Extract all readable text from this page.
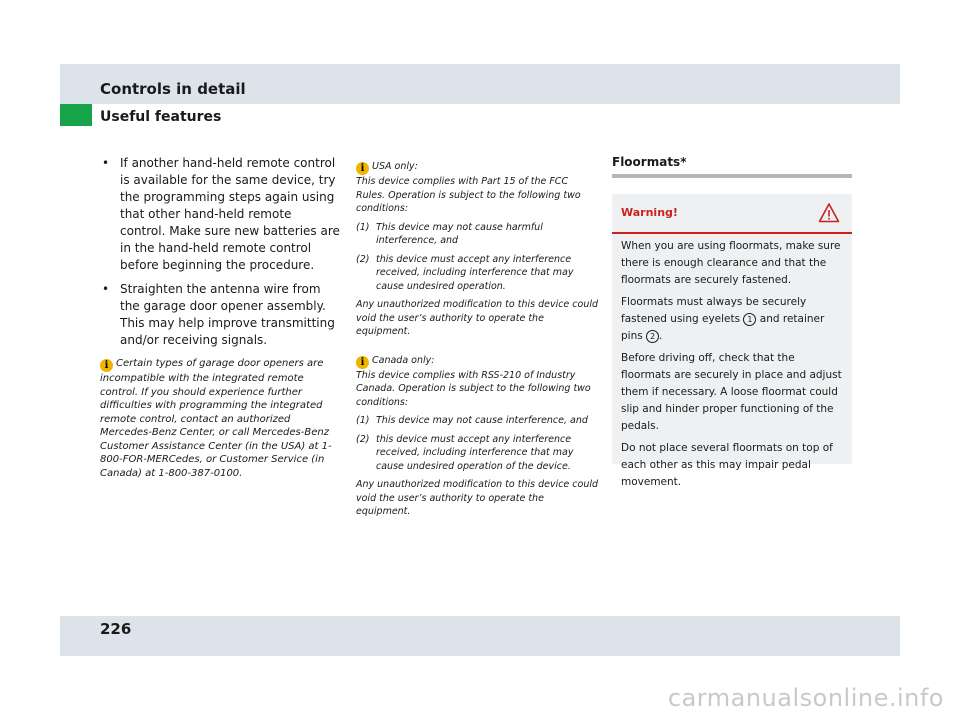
Controls in detail
Useful features
• If another hand-held remote control is available for the same device, try the programming steps again using that other hand-held remote control. Make sure new batteries are in the hand-held remote control before beginning the procedure.
• Straighten the antenna wire from the garage door opener assembly. This may help improve transmitting and/or receiving signals.
i Certain types of garage door openers are incompatible with the integrated remote control. If you should experience further difficulties with programming the integrated remote control, contact an authorized Mercedes-Benz Center, or call Mercedes-Benz Customer Assistance Center (in the USA) at 1-800-FOR-MERCedes, or Customer Service (in Canada) at 1-800-387-0100.

i USA only:
This device complies with Part 15 of the FCC Rules. Operation is subject to the following two conditions:

(1) This device may not cause harmful interference, and
(2) this device must accept any interference received, including interference that may cause undesired operation.

Any unauthorized modification to this device could void the user’s authority to operate the equipment.

i Canada only:
This device complies with RSS-210 of Industry Canada. Operation is subject to the following two conditions:

(1) This device may not cause interference, and
(2) this device must accept any interference received, including interference that may cause undesired operation of the device.

Any unauthorized modification to this device could void the user’s authority to operate the equipment.

Floormats*
Warning!

When you are using floormats, make sure there is enough clearance and that the floormats are securely fastened.

Floormats must always be securely fastened using eyelets 1 and retainer pins 2 .

Before driving off, check that the floormats are securely in place and adjust them if necessary. A loose floormat could slip and hinder proper functioning of the pedals.

Do not place several floormats on top of each other as this may impair pedal movement.

226
carmanualsonline.info
